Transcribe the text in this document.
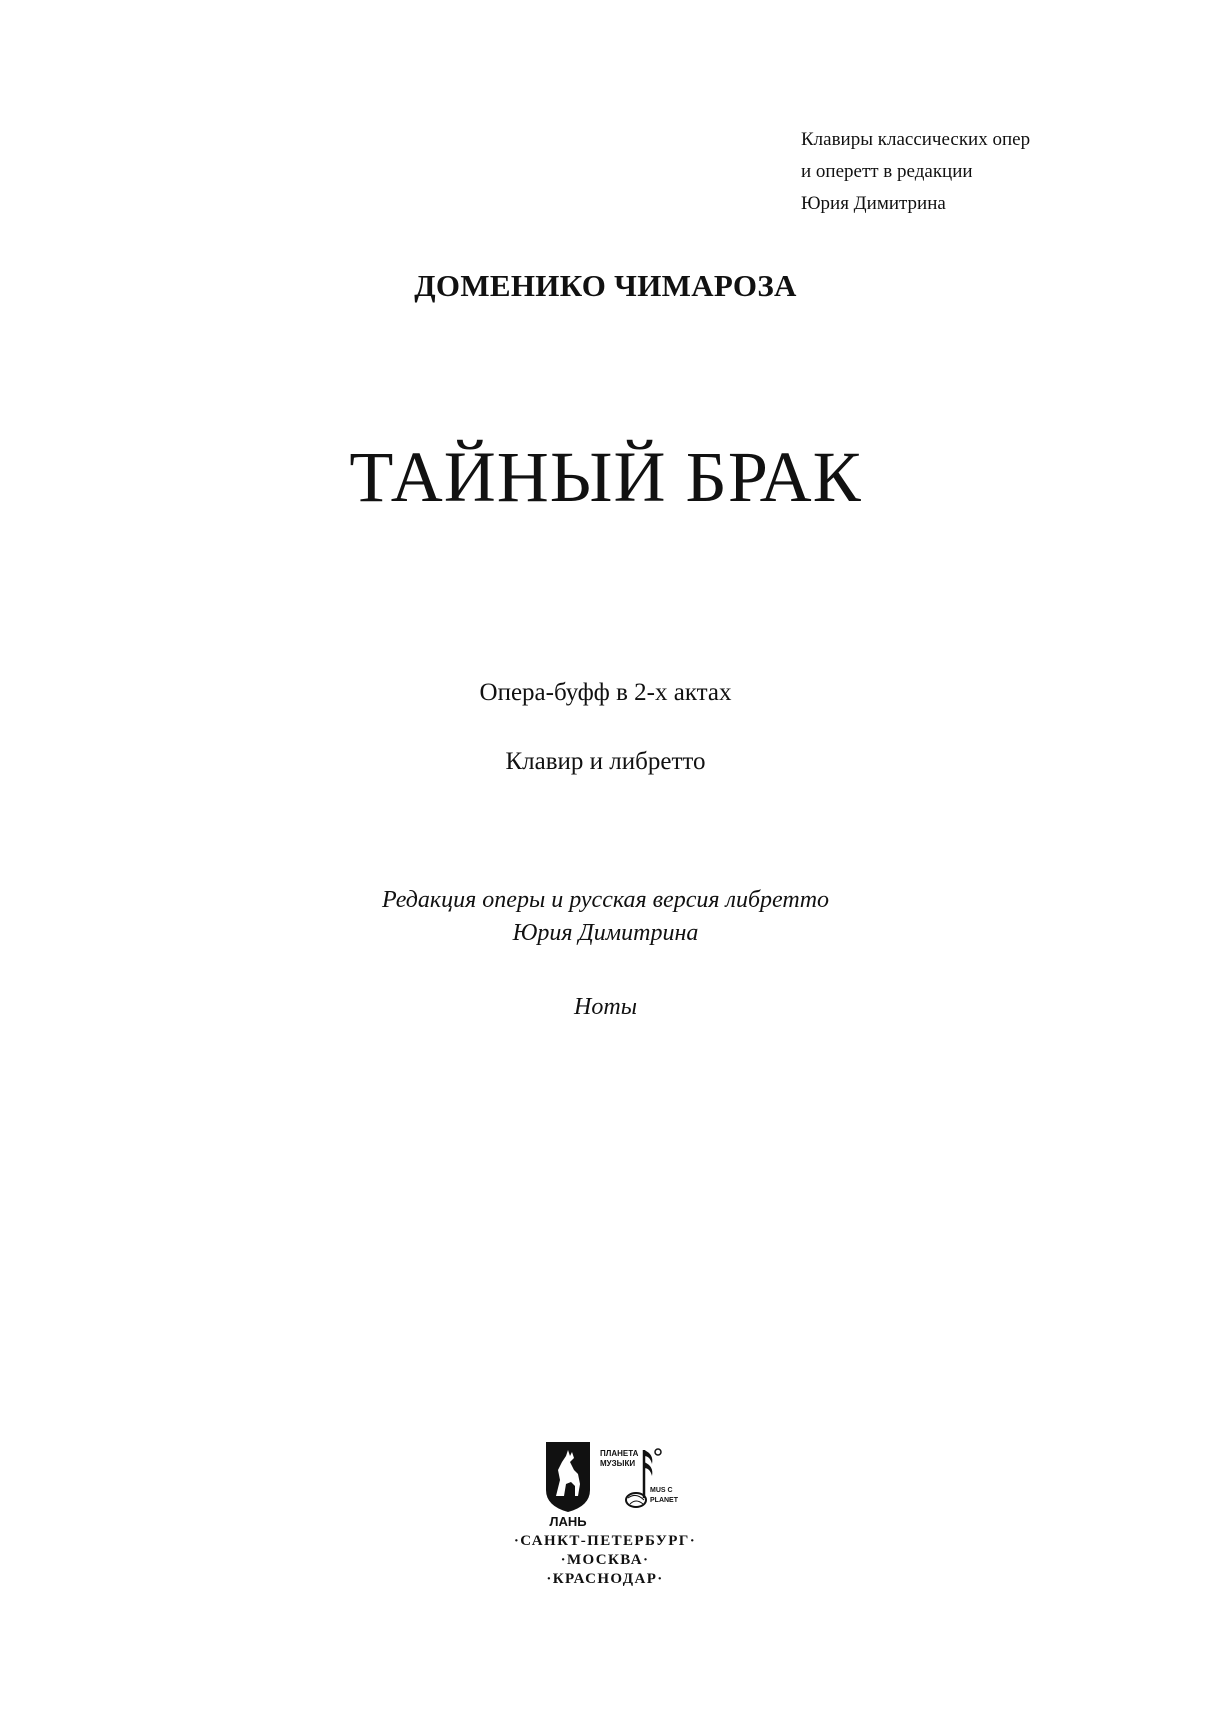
Клавиры классических опер
и оперетт в редакции
Юрия Димитрина
ДОМЕНИКО ЧИМАРОЗА
ТАЙНЫЙ БРАК
Опера-буфф в 2-х актах
Клавир и либретто
Редакция оперы и русская версия либретто
Юрия Димитрина
Ноты
ЛАНЬ
ПЛАНЕТА
МУЗЫКИ
MUS C
PLANET
·САНКТ-ПЕТЕРБУРГ·
·МОСКВА·
·КРАСНОДАР·
